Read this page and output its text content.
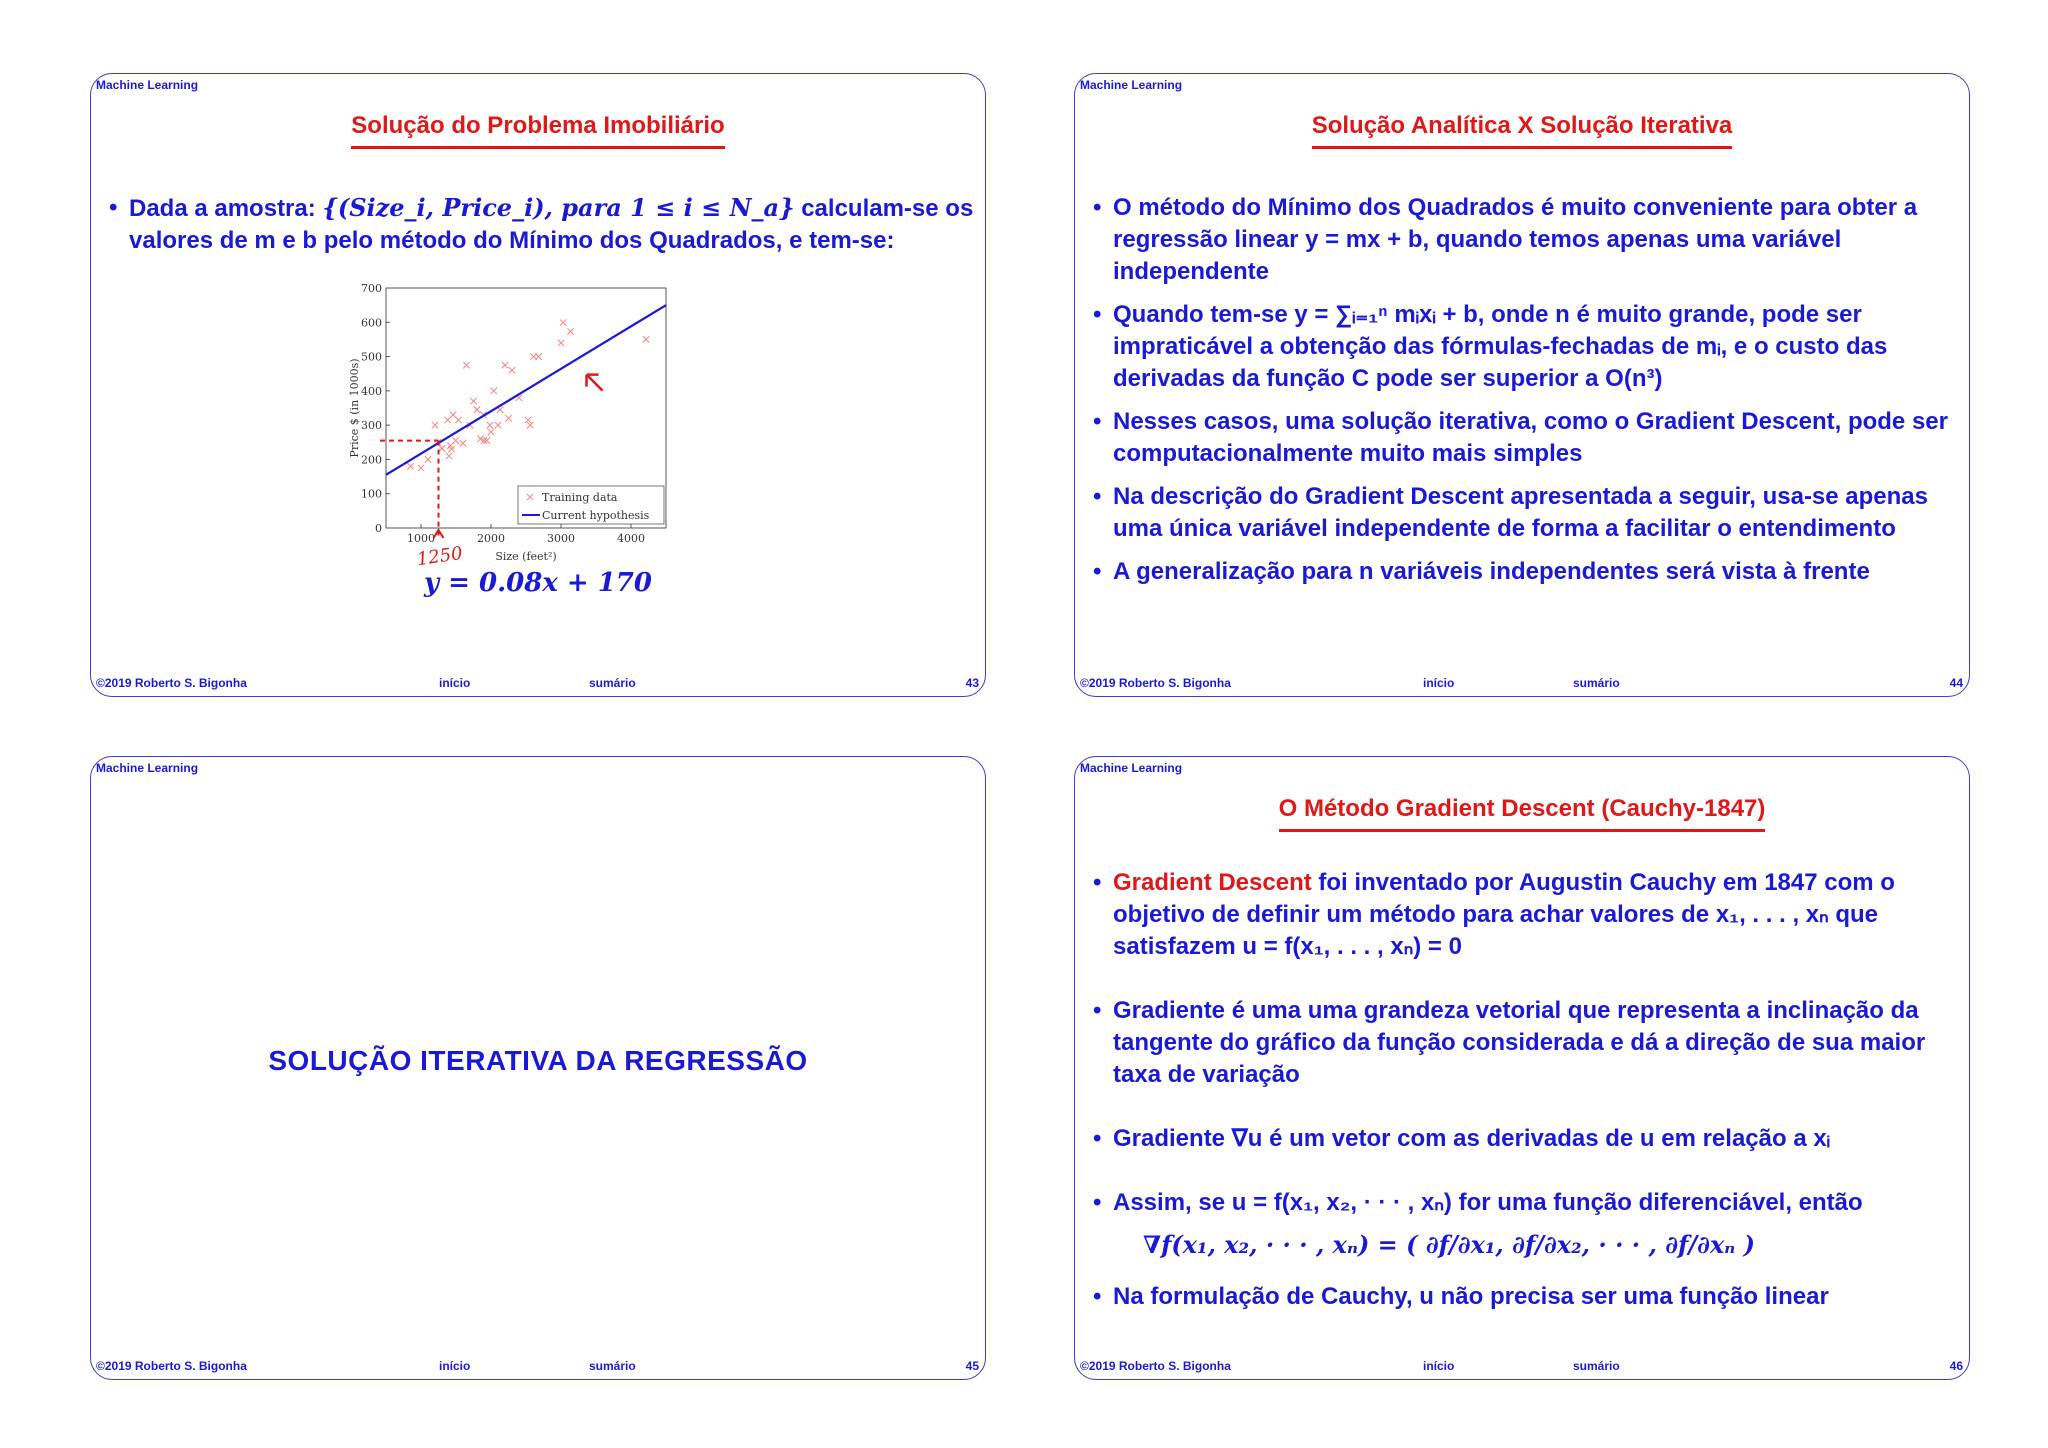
Machine Learning
Solução do Problema Imobiliário
• Dada a amostra: {(Size_i, Price_i), para 1 ≤ i ≤ N_a} calculam-se os valores de m e b pelo método do Mínimo dos Quadrados, e tem-se:
0
100
200
300
400
500
600
700
1000	2000	3000	4000
Size (feet²)
Price $ (in 1000s)
1250
Training data
Current hypothesis
y = 0.08x + 170
©2019 Roberto S. Bigonha	início	sumário	43
Machine Learning
Solução Analítica X Solução Iterativa
• O método do Mínimo dos Quadrados é muito conveniente para obter a regressão linear y = mx + b, quando temos apenas uma variável independente
• Quando tem-se y = ∑ᵢ₌₁ⁿ mᵢxᵢ + b, onde n é muito grande, pode ser impraticável a obtenção das fórmulas-fechadas de mᵢ, e o custo das derivadas da função C pode ser superior a O(n³)
• Nesses casos, uma solução iterativa, como o Gradient Descent, pode ser computacionalmente muito mais simples
• Na descrição do Gradient Descent apresentada a seguir, usa-se apenas uma única variável independente de forma a facilitar o entendimento
• A generalização para n variáveis independentes será vista à frente
©2019 Roberto S. Bigonha	início	sumário	44
Machine Learning
SOLUÇÃO ITERATIVA DA REGRESSÃO
©2019 Roberto S. Bigonha	início	sumário	45
Machine Learning
O Método Gradient Descent (Cauchy-1847)
• Gradient Descent foi inventado por Augustin Cauchy em 1847 com o objetivo de definir um método para achar valores de x₁, . . . , xₙ que satisfazem u = f(x₁, . . . , xₙ) = 0
• Gradiente é uma uma grandeza vetorial que representa a inclinação da tangente do gráfico da função considerada e dá a direção de sua maior taxa de variação
• Gradiente ∇u é um vetor com as derivadas de u em relação a xᵢ
• Assim, se u = f(x₁, x₂, · · · , xₙ) for uma função diferenciável, então
∇f(x₁, x₂, · · · , xₙ) = ( ∂f/∂x₁, ∂f/∂x₂, · · · , ∂f/∂xₙ )
• Na formulação de Cauchy, u não precisa ser uma função linear
©2019 Roberto S. Bigonha	início	sumário	46
